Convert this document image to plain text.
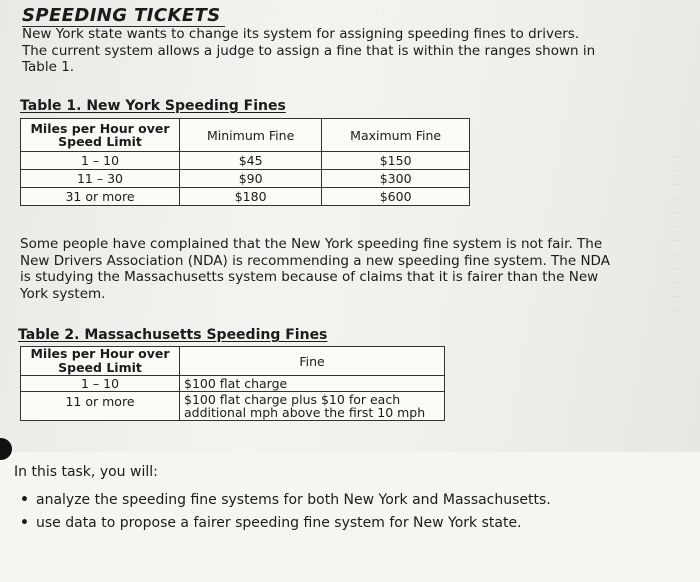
· · · · · · · · · · · · · · · · ·
SPEEDING TICKETS

New York state wants to change its system for assigning speeding fines to drivers. The current system allows a judge to assign a fine that is within the ranges shown in Table 1.

Table 1. New York Speeding Fines

Miles per Hour over Speed Limit	Minimum Fine	Maximum Fine
1 – 10	$45	$150
11 – 30	$90	$300
31 or more	$180	$600

Some people have complained that the New York speeding fine system is not fair. The New Drivers Association (NDA) is recommending a new speeding fine system. The NDA is studying the Massachusetts system because of claims that it is fairer than the New York system.

Table 2. Massachusetts Speeding Fines

Miles per Hour over Speed Limit	Fine
1 – 10	$100 flat charge
11 or more	$100 flat charge plus $10 for each additional mph above the first 10 mph
—
—
—
—
—
—
—
—
—
—
—
—

In this task, you will:

• analyze the speeding fine systems for both New York and Massachusetts.
• use data to propose a fairer speeding fine system for New York state.
